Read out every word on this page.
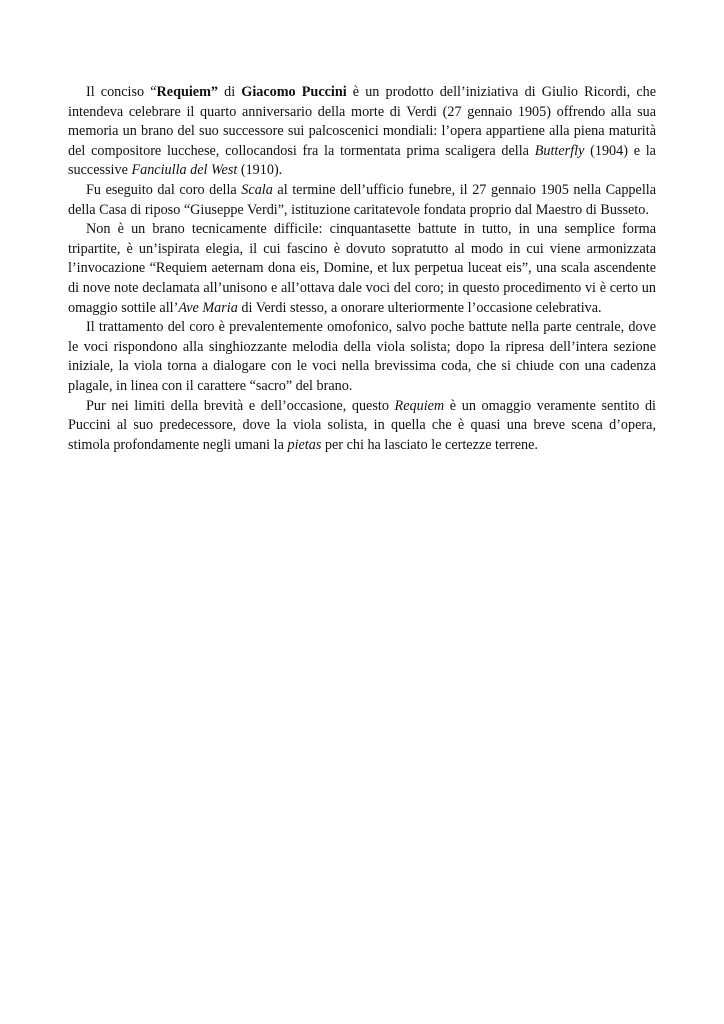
Il conciso “Requiem” di Giacomo Puccini è un prodotto dell’iniziativa di Giulio Ricordi, che intendeva celebrare il quarto anniversario della morte di Verdi (27 gennaio 1905) offrendo alla sua memoria un brano del suo successore sui palcoscenici mondiali: l’opera appartiene alla piena maturità del compositore lucchese, collocandosi fra la tormentata prima scaligera della Butterfly (1904) e la successive Fanciulla del West (1910).

Fu eseguito dal coro della Scala al termine dell’ufficio funebre, il 27 gennaio 1905 nella Cappella della Casa di riposo “Giuseppe Verdi”, istituzione caritatevole fondata proprio dal Maestro di Busseto.

Non è un brano tecnicamente difficile: cinquantasette battute in tutto, in una semplice forma tripartite, è un’ispirata elegia, il cui fascino è dovuto sopratutto al modo in cui viene armonizzata l’invocazione “Requiem aeternam dona eis, Domine, et lux perpetua luceat eis”, una scala ascendente di nove note declamata all’unisono e all’ottava dale voci del coro; in questo procedimento vi è certo un omaggio sottile all’Ave Maria di Verdi stesso, a onorare ulteriormente l’occasione celebrativa.

Il trattamento del coro è prevalentemente omofonico, salvo poche battute nella parte centrale, dove le voci rispondono alla singhiozzante melodia della viola solista; dopo la ripresa dell’intera sezione iniziale, la viola torna a dialogare con le voci nella brevissima coda, che si chiude con una cadenza plagale, in linea con il carattere “sacro” del brano.

Pur nei limiti della brevità e dell’occasione, questo Requiem è un omaggio veramente sentito di Puccini al suo predecessore, dove la viola solista, in quella che è quasi una breve scena d’opera, stimola profondamente negli umani la pietas per chi ha lasciato le certezze terrene.
